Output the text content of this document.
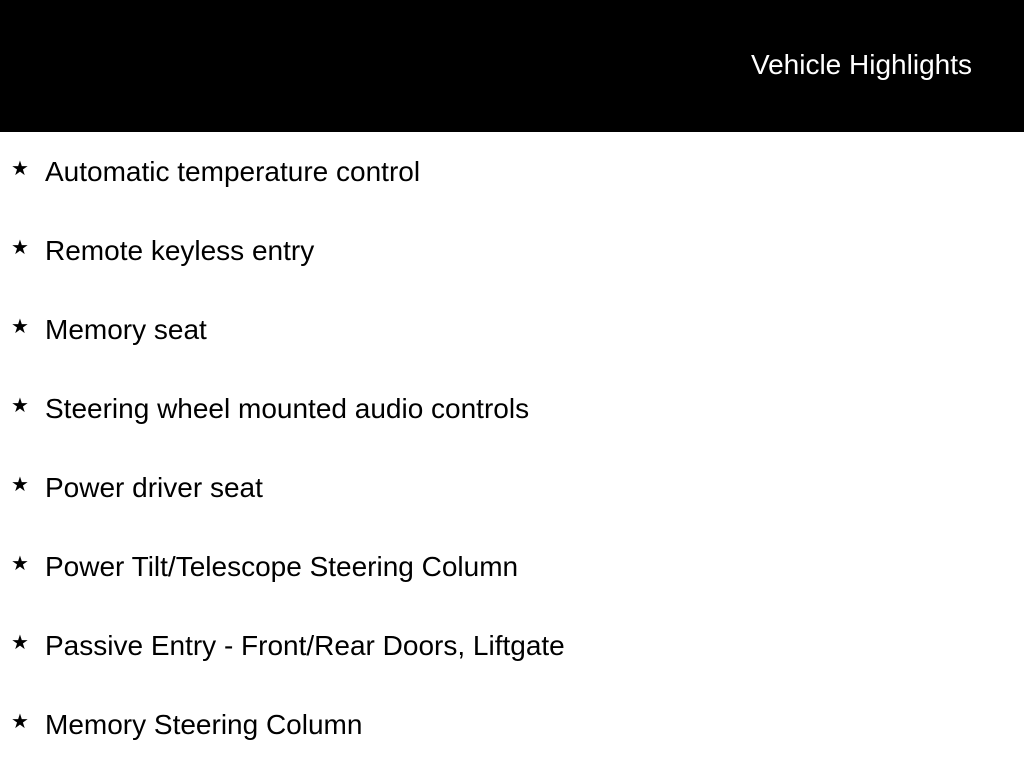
Vehicle Highlights
★ Automatic temperature control
★ Remote keyless entry
★ Memory seat
★ Steering wheel mounted audio controls
★ Power driver seat
★ Power Tilt/Telescope Steering Column
★ Passive Entry - Front/Rear Doors, Liftgate
★ Memory Steering Column
